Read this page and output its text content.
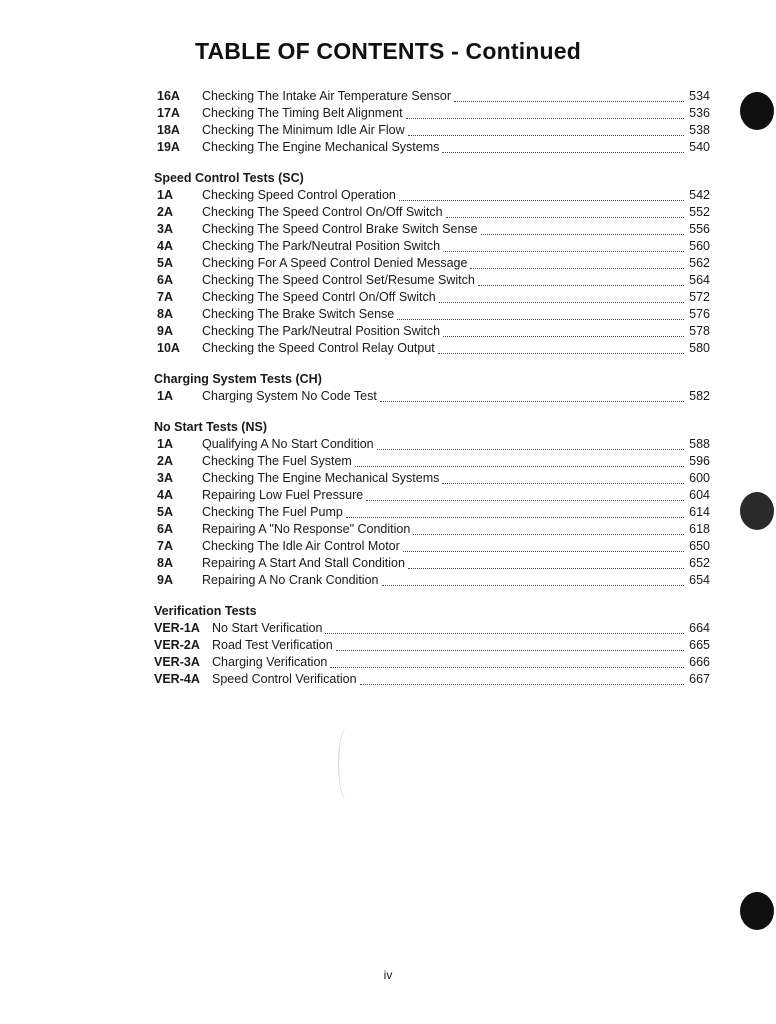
TABLE OF CONTENTS - Continued
16A	Checking The Intake Air Temperature Sensor	534
17A	Checking The Timing Belt Alignment	536
18A	Checking The Minimum Idle Air Flow	538
19A	Checking The Engine Mechanical Systems	540
Speed Control Tests (SC)
1A	Checking Speed Control Operation	542
2A	Checking The Speed Control On/Off Switch	552
3A	Checking The Speed Control Brake Switch Sense	556
4A	Checking The Park/Neutral Position Switch	560
5A	Checking For A Speed Control Denied Message	562
6A	Checking The Speed Control Set/Resume Switch	564
7A	Checking The Speed Contrl On/Off Switch	572
8A	Checking The Brake Switch Sense	576
9A	Checking The Park/Neutral Position Switch	578
10A	Checking the Speed Control Relay Output	580
Charging System Tests (CH)
1A	Charging System No Code Test	582
No Start Tests (NS)
1A	Qualifying A No Start Condition	588
2A	Checking The Fuel System	596
3A	Checking The Engine Mechanical Systems	600
4A	Repairing Low Fuel Pressure	604
5A	Checking The Fuel Pump	614
6A	Repairing A "No Response" Condition	618
7A	Checking The Idle Air Control Motor	650
8A	Repairing A Start And Stall Condition	652
9A	Repairing A No Crank Condition	654
Verification Tests
VER-1A No Start Verification	664
VER-2A Road Test Verification	665
VER-3A Charging Verification	666
VER-4A Speed Control Verification	667
iv
